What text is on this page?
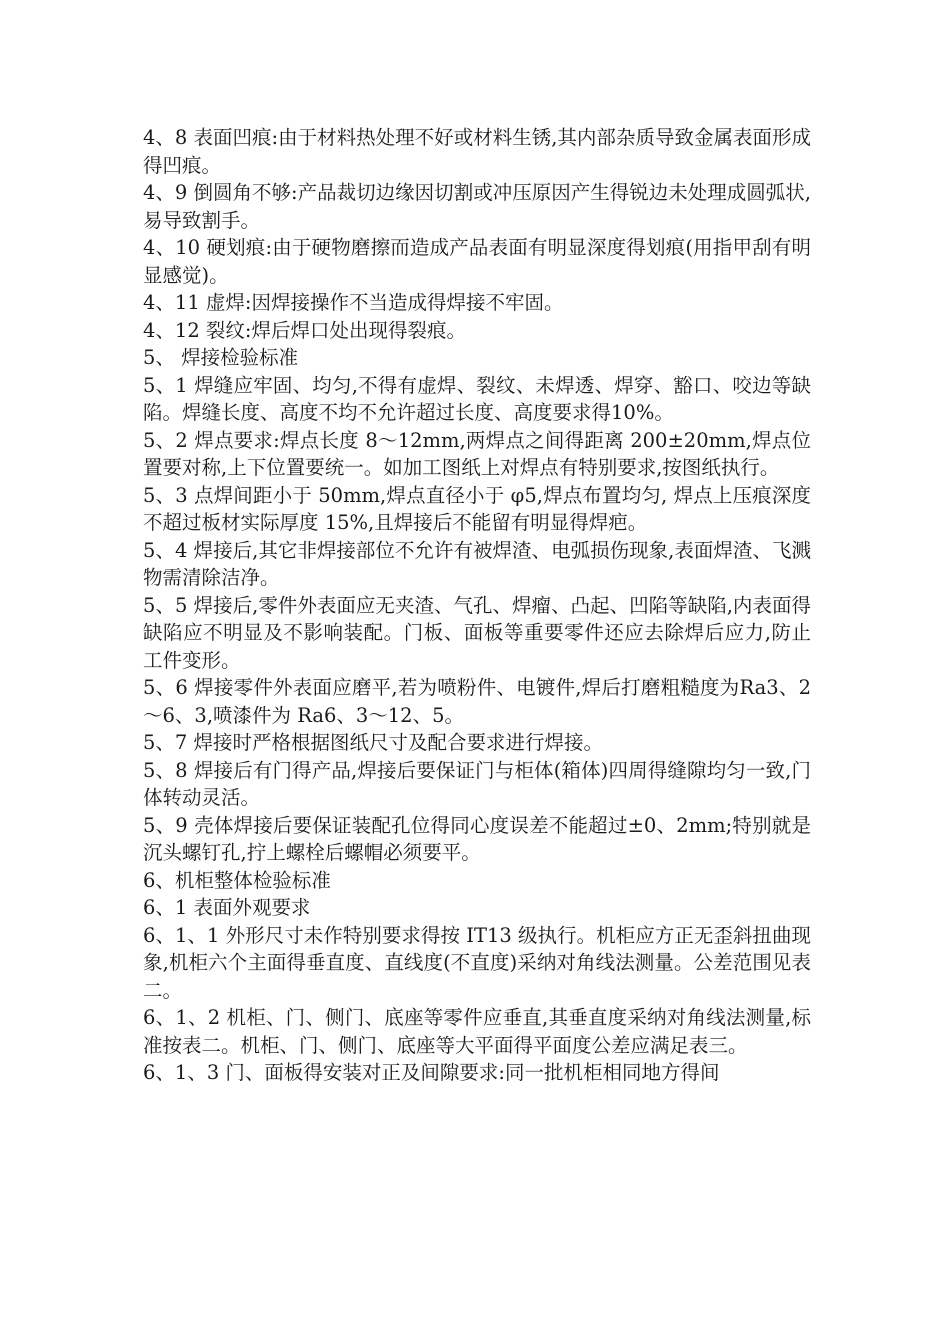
4、8 表面凹痕:由于材料热处理不好或材料生锈,其内部杂质导致金属表面形成得凹痕。

4、9 倒圆角不够:产品裁切边缘因切割或冲压原因产生得锐边未处理成圆弧状,易导致割手。

4、10 硬划痕:由于硬物磨擦而造成产品表面有明显深度得划痕(用指甲刮有明显感觉)。

4、11 虚焊:因焊接操作不当造成得焊接不牢固。

4、12 裂纹:焊后焊口处出现得裂痕。

5、 焊接检验标准

5、1 焊缝应牢固、均匀,不得有虚焊、裂纹、未焊透、焊穿、豁口、咬边等缺陷。焊缝长度、高度不均不允许超过长度、高度要求得10%。

5、2 焊点要求:焊点长度 8～12mm,两焊点之间得距离 200±20mm,焊点位置要对称,上下位置要统一。如加工图纸上对焊点有特别要求,按图纸执行。

5、3 点焊间距小于 50mm,焊点直径小于 φ5,焊点布置均匀, 焊点上压痕深度不超过板材实际厚度 15%,且焊接后不能留有明显得焊疤。

5、4 焊接后,其它非焊接部位不允许有被焊渣、电弧损伤现象,表面焊渣、飞溅物需清除洁净。

5、5 焊接后,零件外表面应无夹渣、气孔、焊瘤、凸起、凹陷等缺陷,内表面得缺陷应不明显及不影响装配。门板、面板等重要零件还应去除焊后应力,防止工件变形。

5、6 焊接零件外表面应磨平,若为喷粉件、电镀件,焊后打磨粗糙度为Ra3、2～6、3,喷漆件为 Ra6、3～12、5。

5、7 焊接时严格根据图纸尺寸及配合要求进行焊接。

5、8 焊接后有门得产品,焊接后要保证门与柜体(箱体)四周得缝隙均匀一致,门体转动灵活。

5、9 壳体焊接后要保证装配孔位得同心度误差不能超过±0、2mm;特别就是沉头螺钉孔,拧上螺栓后螺帽必须要平。

6、机柜整体检验标准

6、1 表面外观要求

6、1、1 外形尺寸未作特别要求得按 IT13 级执行。机柜应方正无歪斜扭曲现象,机柜六个主面得垂直度、直线度(不直度)采纳对角线法测量。公差范围见表二。

6、1、2 机柜、门、侧门、底座等零件应垂直,其垂直度采纳对角线法测量,标准按表二。机柜、门、侧门、底座等大平面得平面度公差应满足表三。

6、1、3 门、面板得安装对正及间隙要求:同一批机柜相同地方得间
